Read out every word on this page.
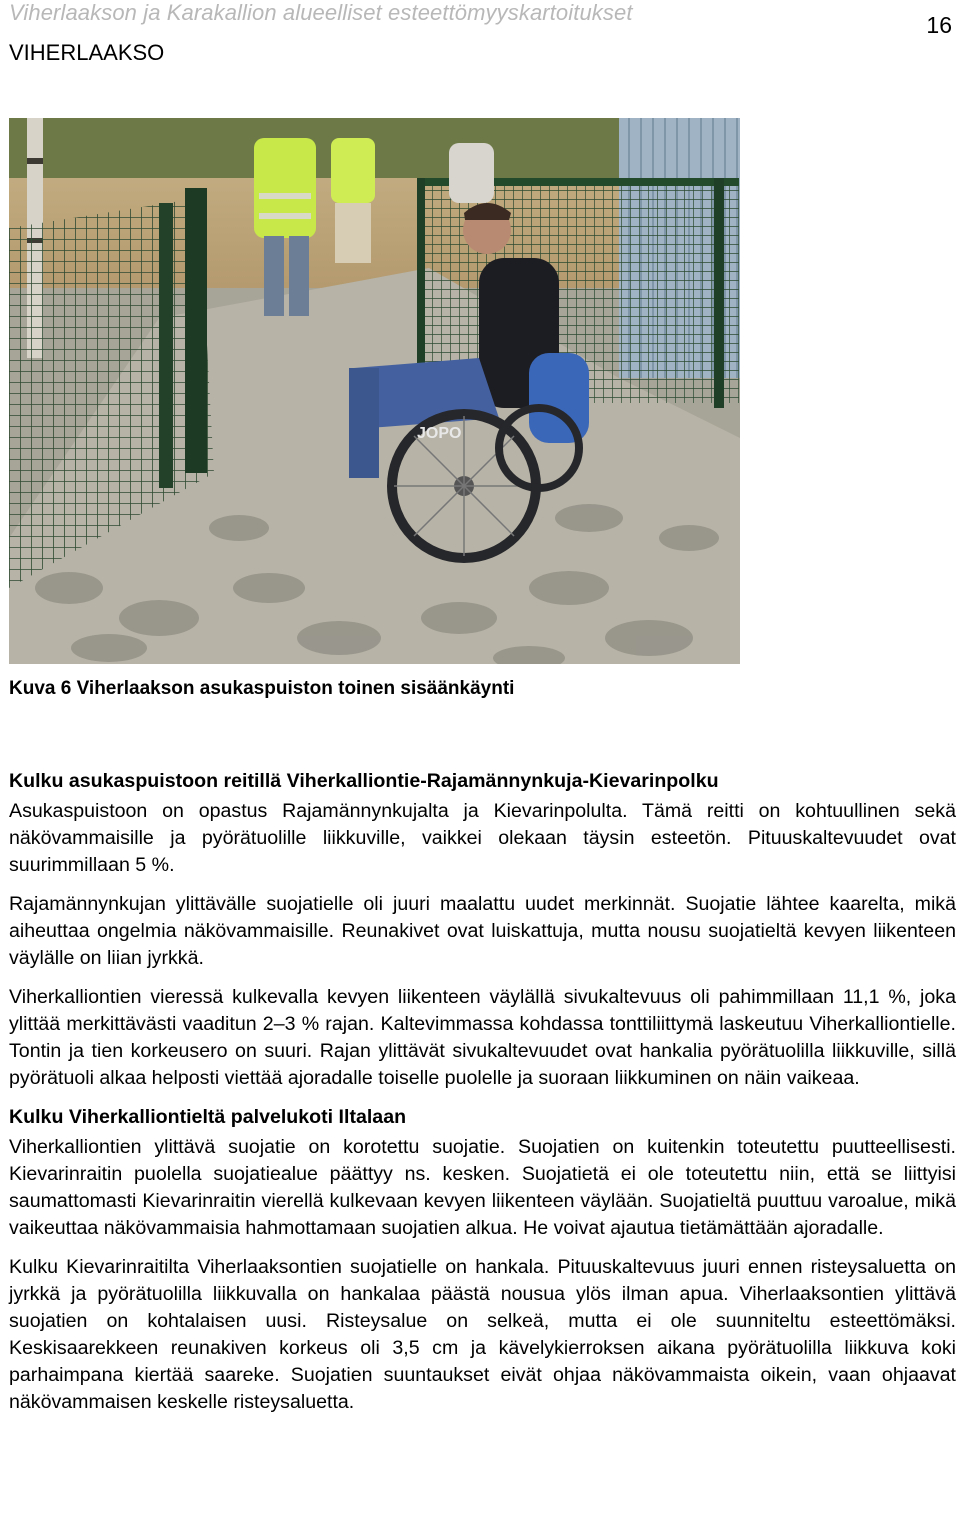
Viherlaakson ja Karakallion alueelliset esteettömyyskartoitukset	16
VIHERLAAKSO
JOPO
Kuva 6 Viherlaakson asukaspuiston toinen sisäänkäynti
Kulku asukaspuistoon reitillä Viherkalliontie-Rajamännynkuja-Kievarinpolku

Asukaspuistoon on opastus Rajamännynkujalta ja Kievarinpolulta. Tämä reitti on kohtuullinen sekä näkövammaisille ja pyörätuolille liikkuville, vaikkei olekaan täysin esteetön. Pituuskaltevuudet ovat suurimmillaan 5 %.

Rajamännynkujan ylittävälle suojatielle oli juuri maalattu uudet merkinnät. Suojatie lähtee kaarelta, mikä aiheuttaa ongelmia näkövammaisille. Reunakivet ovat luiskattuja, mutta nousu suojatieltä kevyen liikenteen väylälle on liian jyrkkä.

Viherkalliontien vieressä kulkevalla kevyen liikenteen väylällä sivukaltevuus oli pahimmillaan 11,1 %, joka ylittää merkittävästi vaaditun 2–3 % rajan. Kaltevimmassa kohdassa tonttiliittymä laskeutuu Viherkalliontielle. Tontin ja tien korkeusero on suuri. Rajan ylittävät sivukaltevuudet ovat hankalia pyörätuolilla liikkuville, sillä pyörätuoli alkaa helposti viettää ajoradalle toiselle puolelle ja suoraan liikkuminen on näin vaikeaa.

Kulku Viherkalliontieltä palvelukoti Iltalaan

Viherkalliontien ylittävä suojatie on korotettu suojatie. Suojatien on kuitenkin toteutettu puutteellisesti. Kievarinraitin puolella suojatiealue päättyy ns. kesken. Suojatietä ei ole toteutettu niin, että se liittyisi saumattomasti Kievarinraitin vierellä kulkevaan kevyen liikenteen väylään. Suojatieltä puuttuu varoalue, mikä vaikeuttaa näkövammaisia hahmottamaan suojatien alkua. He voivat ajautua tietämättään ajoradalle.

Kulku Kievarinraitilta Viherlaaksontien suojatielle on hankala. Pituuskaltevuus juuri ennen risteysaluetta on jyrkkä ja pyörätuolilla liikkuvalla on hankalaa päästä nousua ylös ilman apua. Viherlaaksontien ylittävä suojatien on kohtalaisen uusi. Risteysalue on selkeä, mutta ei ole suunniteltu esteettömäksi. Keskisaarekkeen reunakiven korkeus oli 3,5 cm ja kävelykierroksen aikana pyörätuolilla liikkuva koki parhaimpana kiertää saareke. Suojatien suuntaukset eivät ohjaa näkövammaista oikein, vaan ohjaavat näkövammaisen keskelle risteysaluetta.
